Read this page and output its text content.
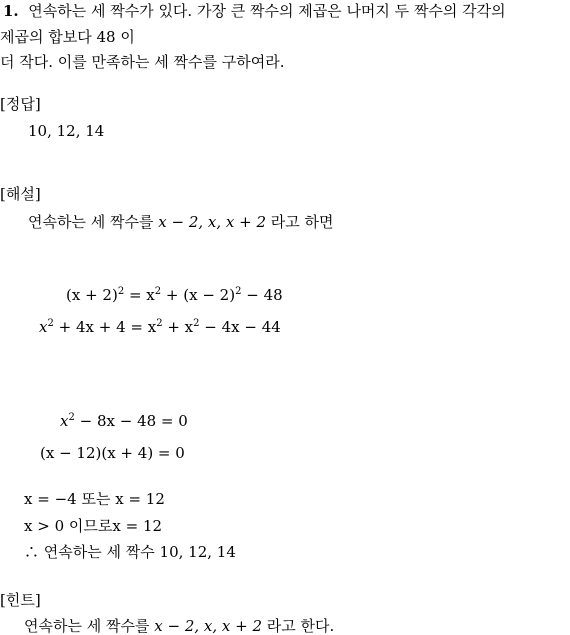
1. 연속하는 세 짝수가 있다. 가장 큰 짝수의 제곱은 나머지 두 짝수의 각각의
제곱의 합보다 48 이
더 작다. 이를 만족하는 세 짝수를 구하여라.
[정답]
10, 12, 14
[해설]
연속하는 세 짝수를 x − 2, x, x + 2 라고 하면
$(x + 2)^2 = x^2 + (x - 2)^2 - 48$
$x^2 + 4x + 4 = x^2 + x^2 - 4x - 44$
$x^2 - 8x - 48 = 0$
(x − 12)(x + 4) = 0
x = −4 또는 x = 12
x > 0 이므로x = 12
∴ 연속하는 세 짝수 10, 12, 14
[힌트]
연속하는 세 짝수를 x − 2, x, x + 2 라고 한다.
